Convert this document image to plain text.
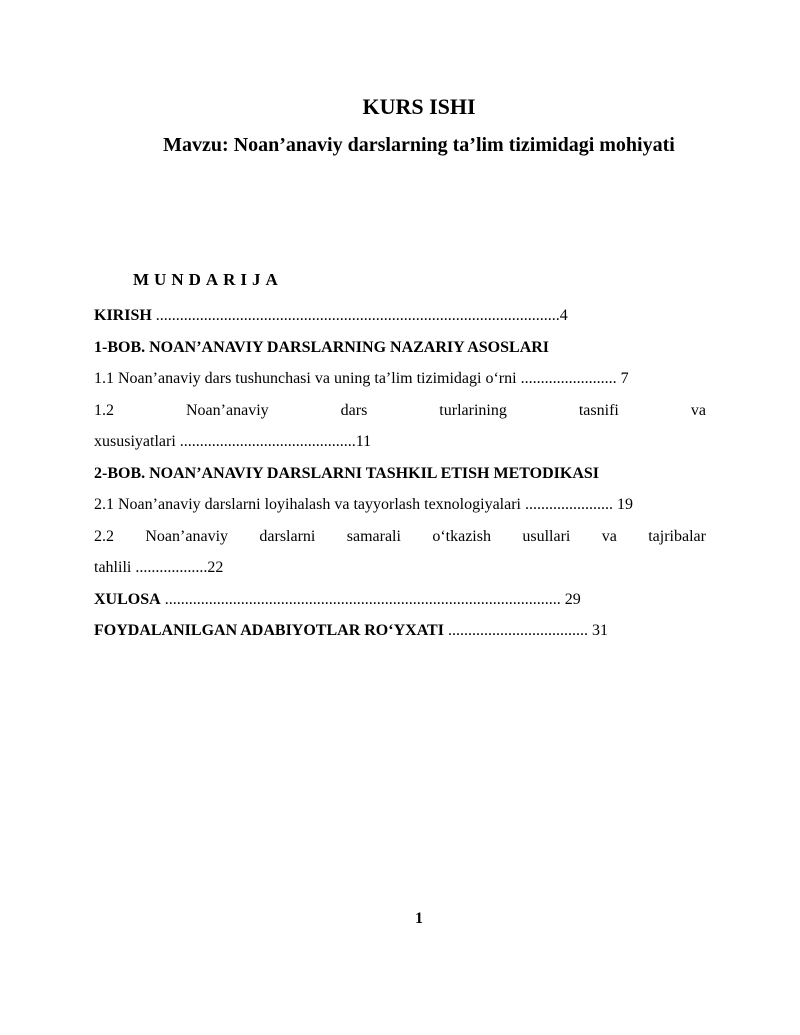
KURS ISHI
Mavzu: Noan’anaviy darslarning ta’lim tizimidagi mohiyati
MUNDARIJA
KIRISH .....................................................................................................4
1-BOB. NOAN’ANAVIY DARSLARNING NAZARIY ASOSLARI
1.1 Noan’anaviy dars tushunchasi va uning ta’lim tizimidagi o‘rni ........................ 7
1.2	Noan’anaviy	dars	turlarining	tasnifi	va
xususiyatlari ............................................11
2-BOB. NOAN’ANAVIY DARSLARNI TASHKIL ETISH METODIKASI
2.1 Noan’anaviy darslarni loyihalash va tayyorlash texnologiyalari ...................... 19
2.2 Noan’anaviy darslarni samarali o‘tkazish usullari va tajribalar
tahlili ..................22
XULOSA ................................................................................................... 29
FOYDALANILGAN ADABIYOTLAR RO‘YXATI ................................... 31
1
